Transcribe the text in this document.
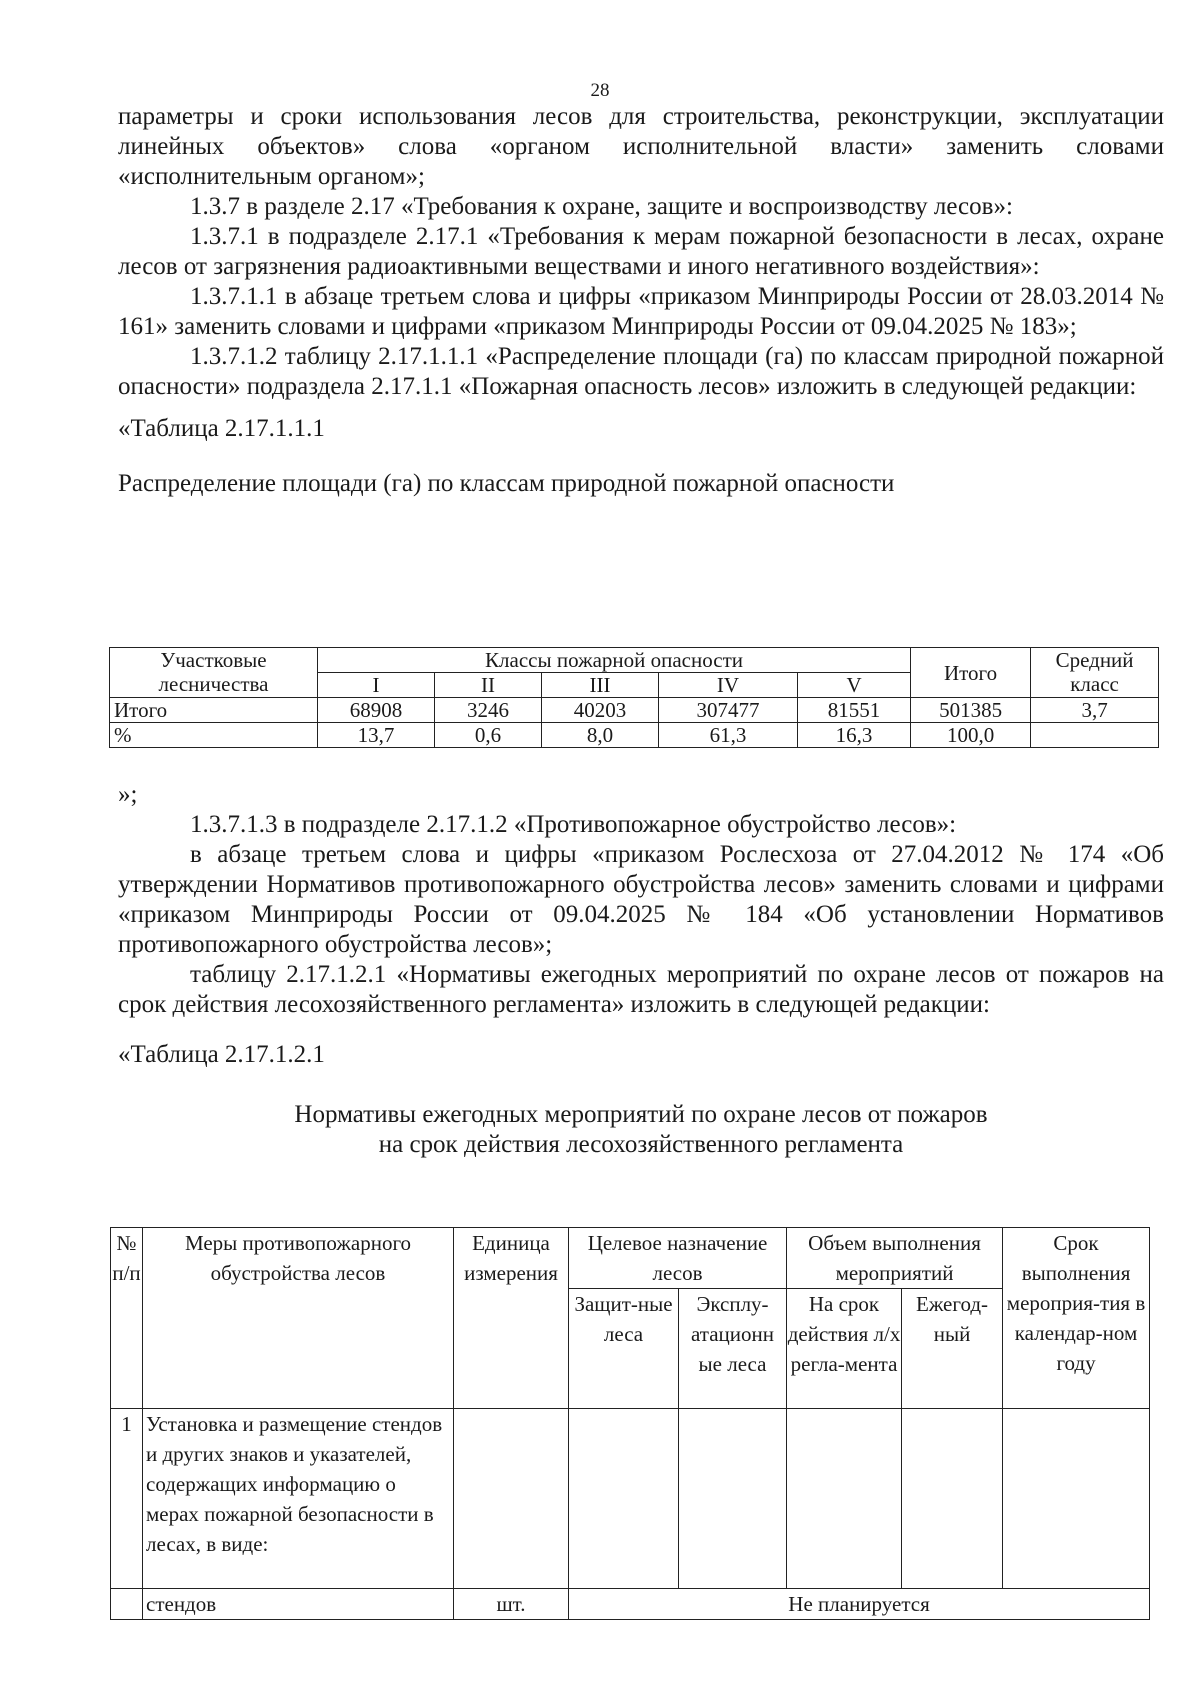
28

параметры и сроки использования лесов для строительства, реконструкции, эксплуатации линейных объектов» слова «органом исполнительной власти» заменить словами «исполнительным органом»;

1.3.7 в разделе 2.17 «Требования к охране, защите и воспроизводству лесов»:

1.3.7.1 в подразделе 2.17.1 «Требования к мерам пожарной безопасности в лесах, охране лесов от загрязнения радиоактивными веществами и иного негативного воздействия»:

1.3.7.1.1 в абзаце третьем слова и цифры «приказом Минприроды России от 28.03.2014 № 161» заменить словами и цифрами «приказом Минприроды России от 09.04.2025 № 183»;

1.3.7.1.2 таблицу 2.17.1.1.1 «Распределение площади (га) по классам природной пожарной опасности» подраздела 2.17.1.1 «Пожарная опасность лесов» изложить в следующей редакции:

«Таблица 2.17.1.1.1

Распределение площади (га) по классам природной пожарной опасности

Участковые лесничества	Классы пожарной опасности					Итого	Средний класс
	I	II	III	IV	V		
Итого	68908	3246	40203	307477	81551	501385	3,7
%	13,7	0,6	8,0	61,3	16,3	100,0	

»;

1.3.7.1.3 в подразделе 2.17.1.2 «Противопожарное обустройство лесов»:

в абзаце третьем слова и цифры «приказом Рослесхоза от 27.04.2012 № 174 «Об утверждении Нормативов противопожарного обустройства лесов» заменить словами и цифрами «приказом Минприроды России от 09.04.2025 № 184 «Об установлении Нормативов противопожарного обустройства лесов»;

таблицу 2.17.1.2.1 «Нормативы ежегодных мероприятий по охране лесов от пожаров на срок действия лесохозяйственного регламента» изложить в следующей редакции:

«Таблица 2.17.1.2.1

Нормативы ежегодных мероприятий по охране лесов от пожаров
на срок действия лесохозяйственного регламента
№ п/п	Меры противопожарного обустройства лесов	Единица измерения	Целевое назначение лесов		Объем выполнения мероприятий		Срок выполнения мероприя-тия в календар-ном году
			Защит-ные леса	Эксплу-атационн ые леса	На срок действия л/х регла-мента	Ежегод-ный	
1	Установка и размещение стендов и других знаков и указателей, содержащих информацию о мерах пожарной безопасности в лесах, в виде:						
	стендов	шт.	Не планируется				
